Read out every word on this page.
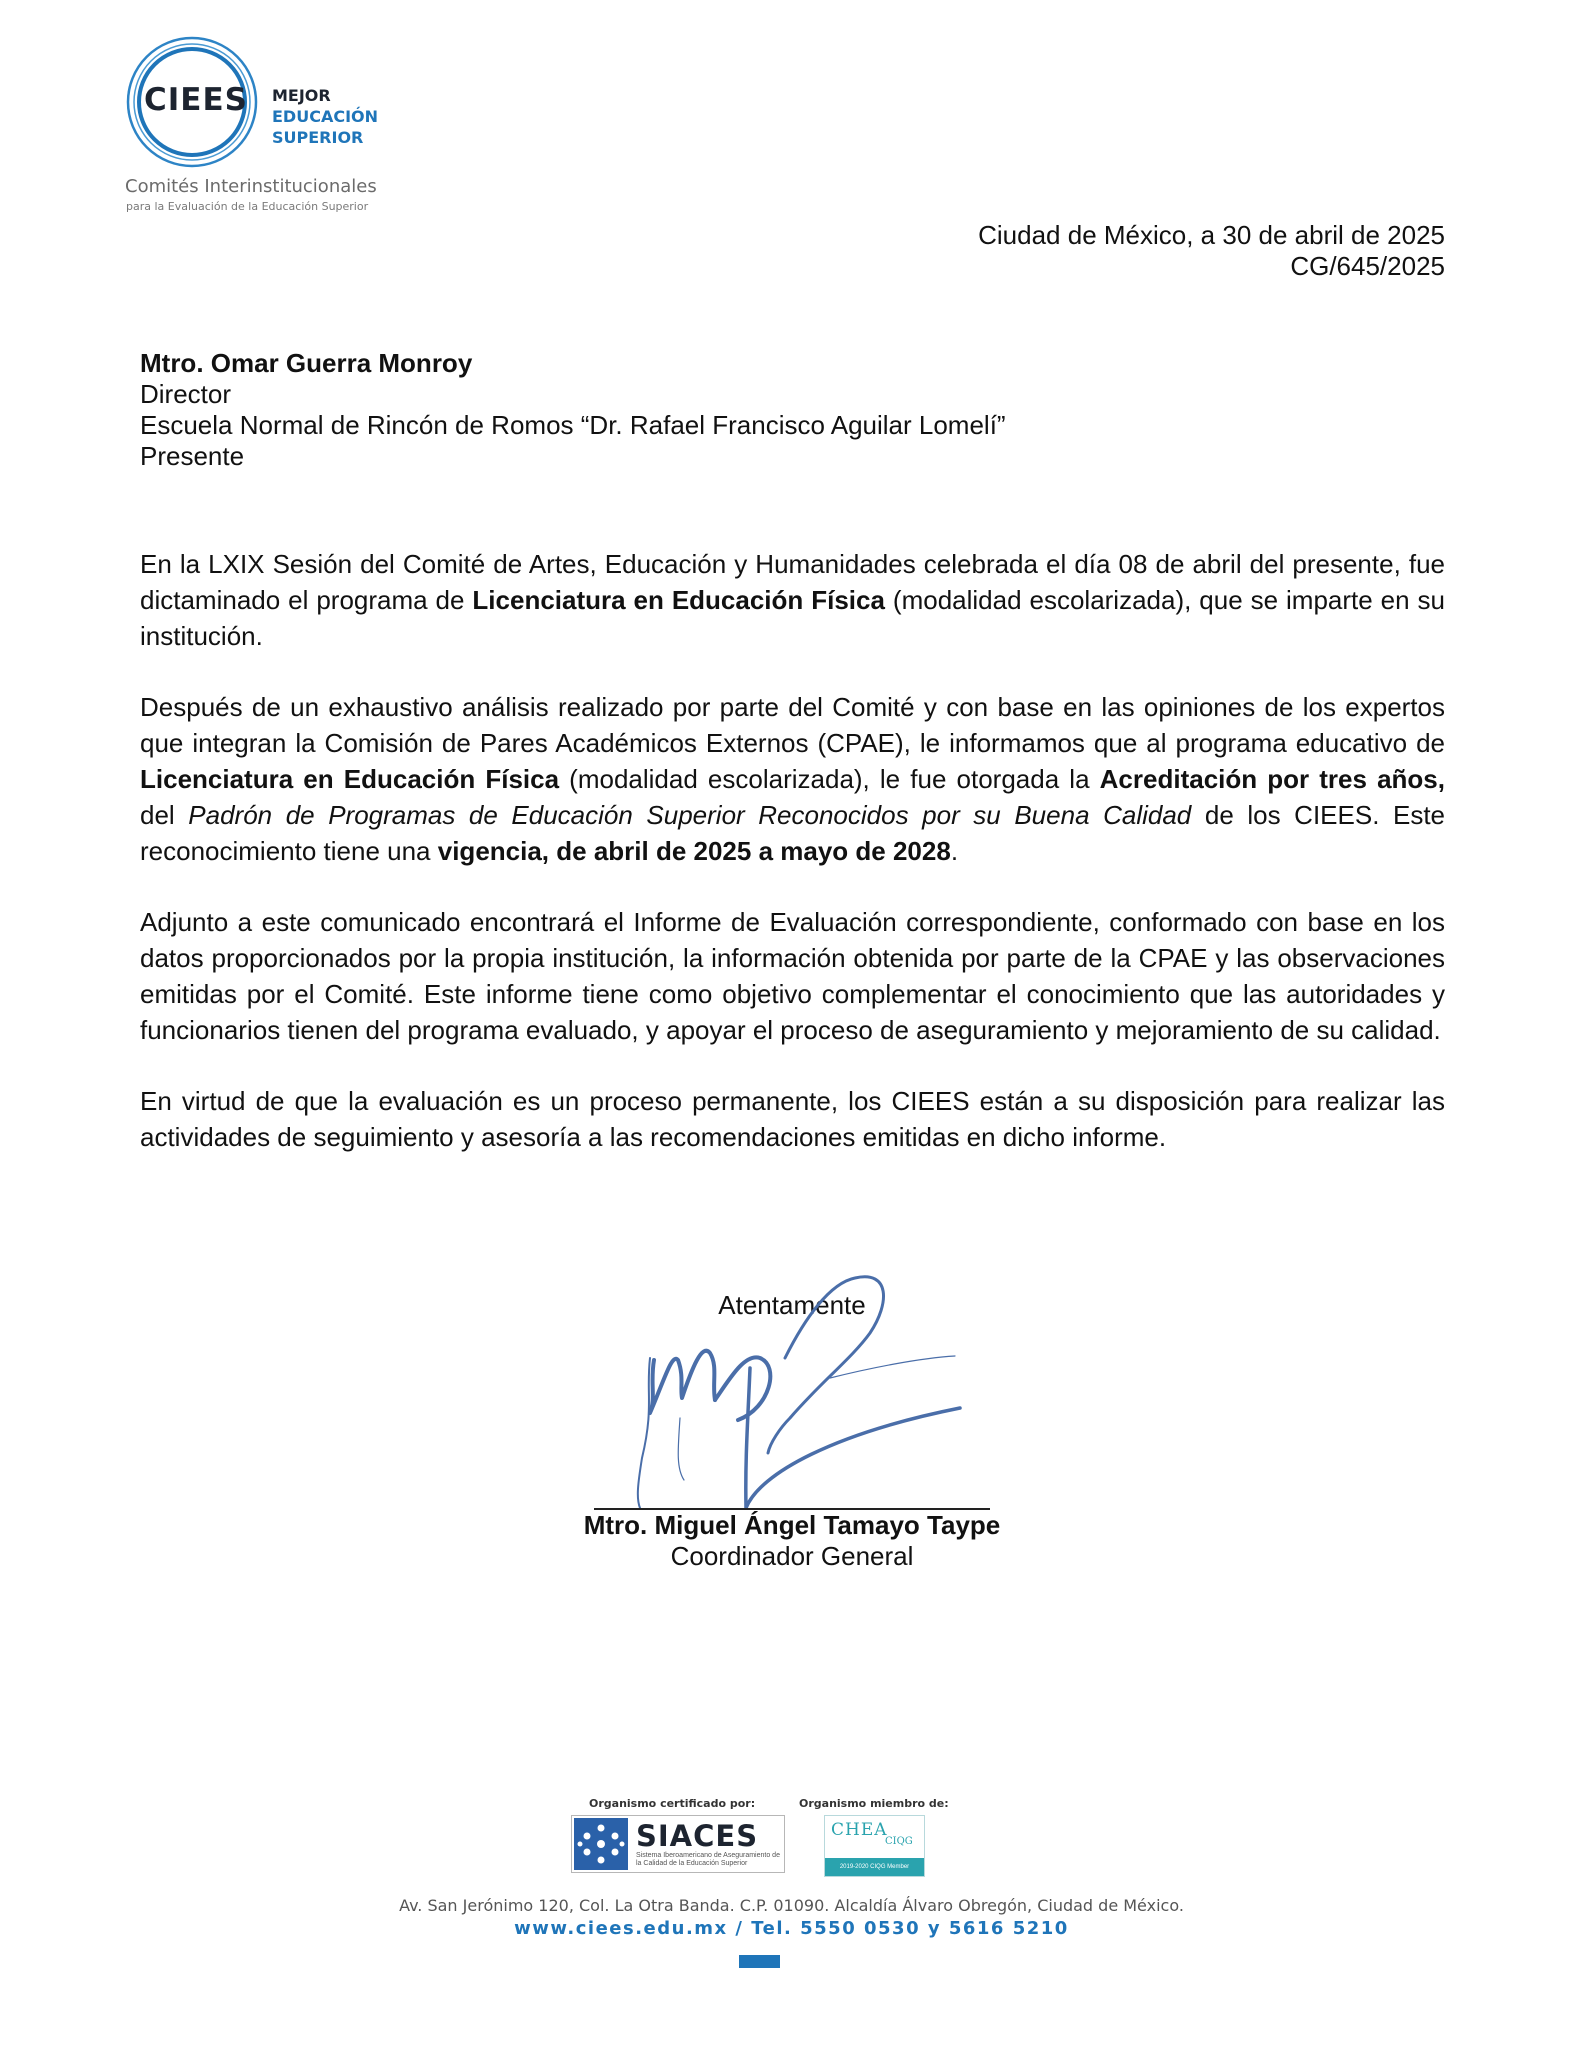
CIEES MEJOR
EDUCACIÓN
SUPERIOR
Comités Interinstitucionales
para la Evaluación de la Educación Superior
Ciudad de México, a 30 de abril de 2025
CG/645/2025
Mtro. Omar Guerra Monroy
Director
Escuela Normal de Rincón de Romos “Dr. Rafael Francisco Aguilar Lomelí”
Presente

En la LXIX Sesión del Comité de Artes, Educación y Humanidades celebrada el día 08 de abril del presente, fue dictaminado el programa de Licenciatura en Educación Física (modalidad escolarizada), que se imparte en su institución.

Después de un exhaustivo análisis realizado por parte del Comité y con base en las opiniones de los expertos que integran la Comisión de Pares Académicos Externos (CPAE), le informamos que al programa educativo de Licenciatura en Educación Física (modalidad escolarizada), le fue otorgada la Acreditación por tres años, del Padrón de Programas de Educación Superior Reconocidos por su Buena Calidad de los CIEES. Este reconocimiento tiene una vigencia, de abril de 2025 a mayo de 2028.

Adjunto a este comunicado encontrará el Informe de Evaluación correspondiente, conformado con base en los datos proporcionados por la propia institución, la información obtenida por parte de la CPAE y las observaciones emitidas por el Comité. Este informe tiene como objetivo complementar el conocimiento que las autoridades y funcionarios tienen del programa evaluado, y apoyar el proceso de aseguramiento y mejoramiento de su calidad.

En virtud de que la evaluación es un proceso permanente, los CIEES están a su disposición para realizar las actividades de seguimiento y asesoría a las recomendaciones emitidas en dicho informe.

Atentamente
Mtro. Miguel Ángel Tamayo Taype
Coordinador General
Organismo certificado por:	Organismo miembro de:
SIACES
Sistema Iberoamericano de Aseguramiento de la Calidad de la Educación Superior
CHEA
CIQG
2019-2020 CIQG Member
Av. San Jerónimo 120, Col. La Otra Banda. C.P. 01090. Alcaldía Álvaro Obregón, Ciudad de México.
www.ciees.edu.mx / Tel. 5550 0530 y 5616 5210
